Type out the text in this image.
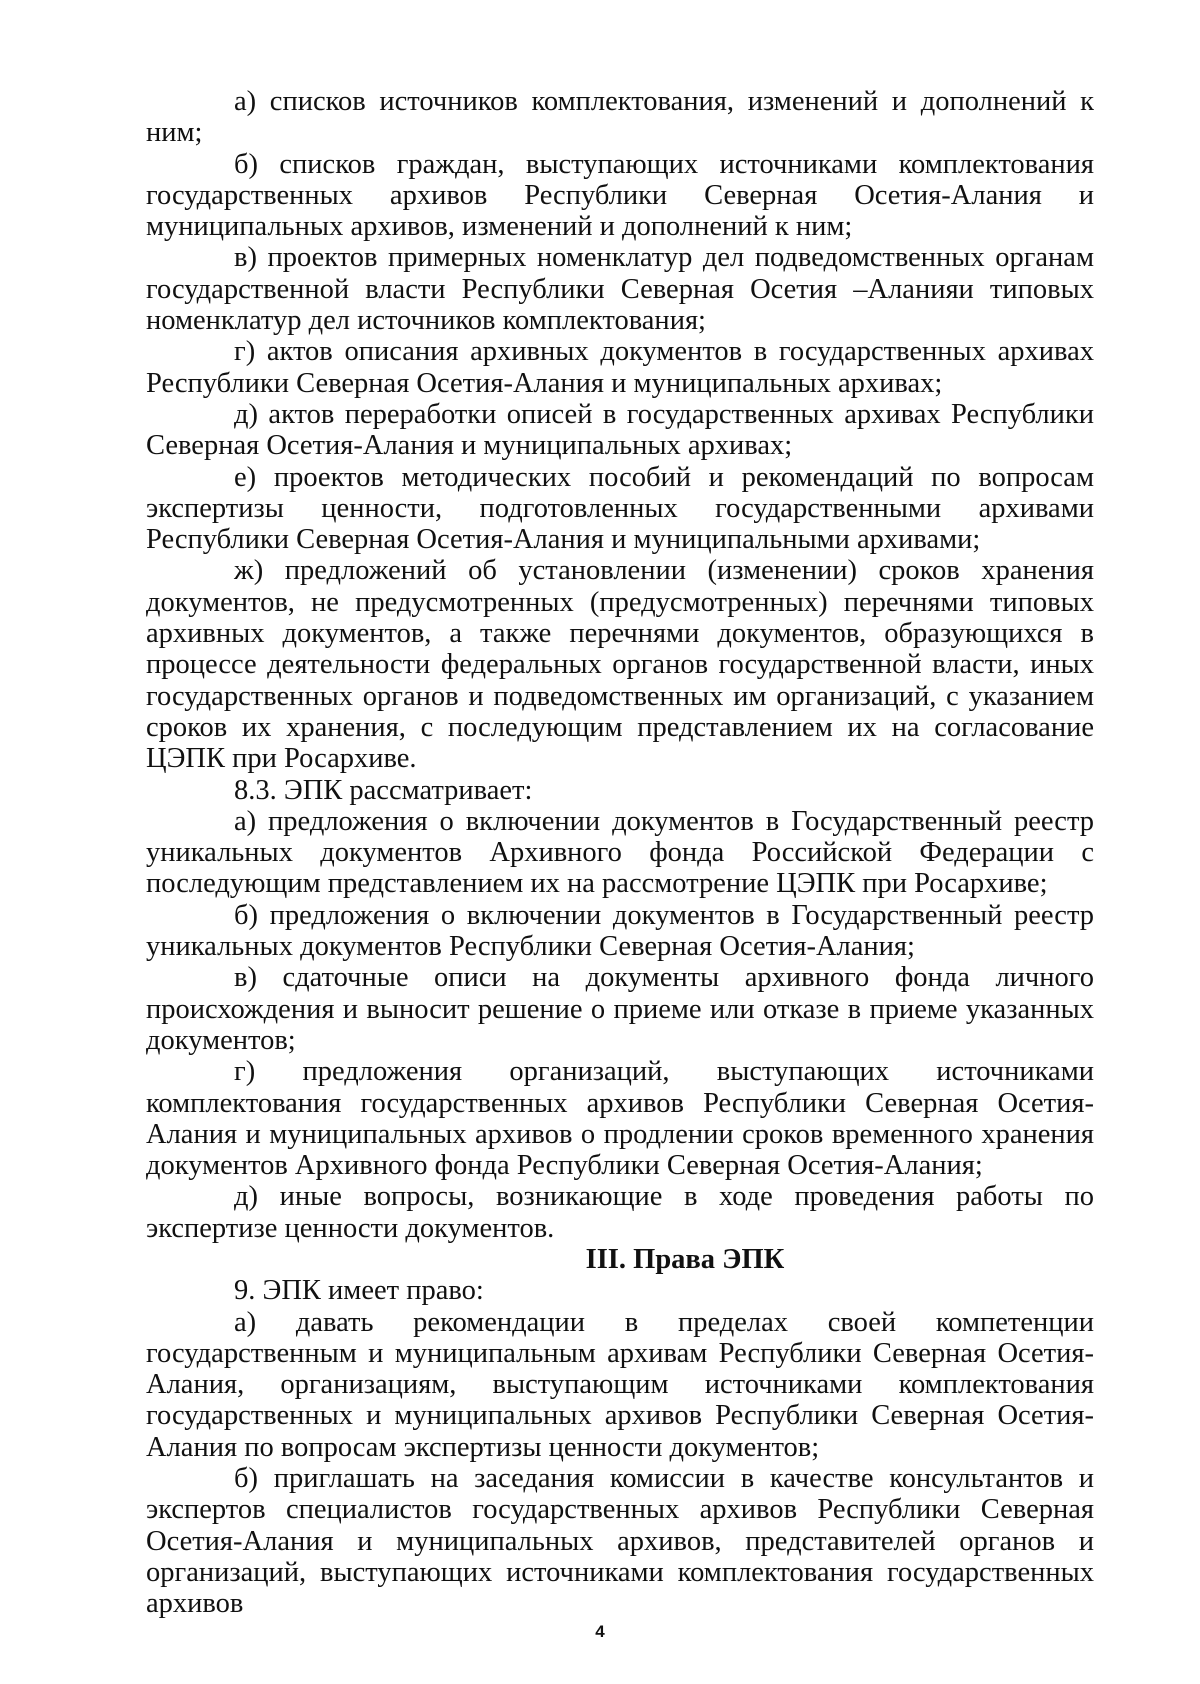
а) списков источников комплектования, изменений и дополнений к ним;

б) списков граждан, выступающих источниками комплектования государственных архивов Республики Северная Осетия-Алания и муниципальных архивов, изменений и дополнений к ним;

в) проектов примерных номенклатур дел подведомственных органам государственной власти Республики Северная Осетия –Аланияи типовых номенклатур дел источников комплектования;

г) актов описания архивных документов в государственных архивах Республики Северная Осетия-Алания и муниципальных архивах;

д) актов переработки описей в государственных архивах Республики Северная Осетия-Алания и муниципальных архивах;

е) проектов методических пособий и рекомендаций по вопросам экспертизы ценности, подготовленных государственными архивами Республики Северная Осетия-Алания и муниципальными архивами;

ж) предложений об установлении (изменении) сроков хранения документов, не предусмотренных (предусмотренных) перечнями типовых архивных документов, а также перечнями документов, образующихся в процессе деятельности федеральных органов государственной власти, иных государственных органов и подведомственных им организаций, с указанием сроков их хранения, с последующим представлением их на согласование ЦЭПК при Росархиве.

8.3. ЭПК рассматривает:

а) предложения о включении документов в Государственный реестр уникальных документов Архивного фонда Российской Федерации с последующим представлением их на рассмотрение ЦЭПК при Росархиве;

б) предложения о включении документов в Государственный реестр уникальных документов Республики Северная Осетия-Алания;

в) сдаточные описи на документы архивного фонда личного происхождения и выносит решение о приеме или отказе в приеме указанных документов;

г) предложения организаций, выступающих источниками комплектования государственных архивов Республики Северная Осетия-Алания и муниципальных архивов о продлении сроков временного хранения документов Архивного фонда Республики Северная Осетия-Алания;

д) иные вопросы, возникающие в ходе проведения работы по экспертизе ценности документов.

III. Права ЭПК

9. ЭПК имеет право:

а) давать рекомендации в пределах своей компетенции государственным и муниципальным архивам Республики Северная Осетия-Алания, организациям, выступающим источниками комплектования государственных и муниципальных архивов Республики Северная Осетия-Алания по вопросам экспертизы ценности документов;

б) приглашать на заседания комиссии в качестве консультантов и экспертов специалистов государственных архивов Республики Северная Осетия-Алания и муниципальных архивов, представителей органов и организаций, выступающих источниками комплектования государственных архивов

4
